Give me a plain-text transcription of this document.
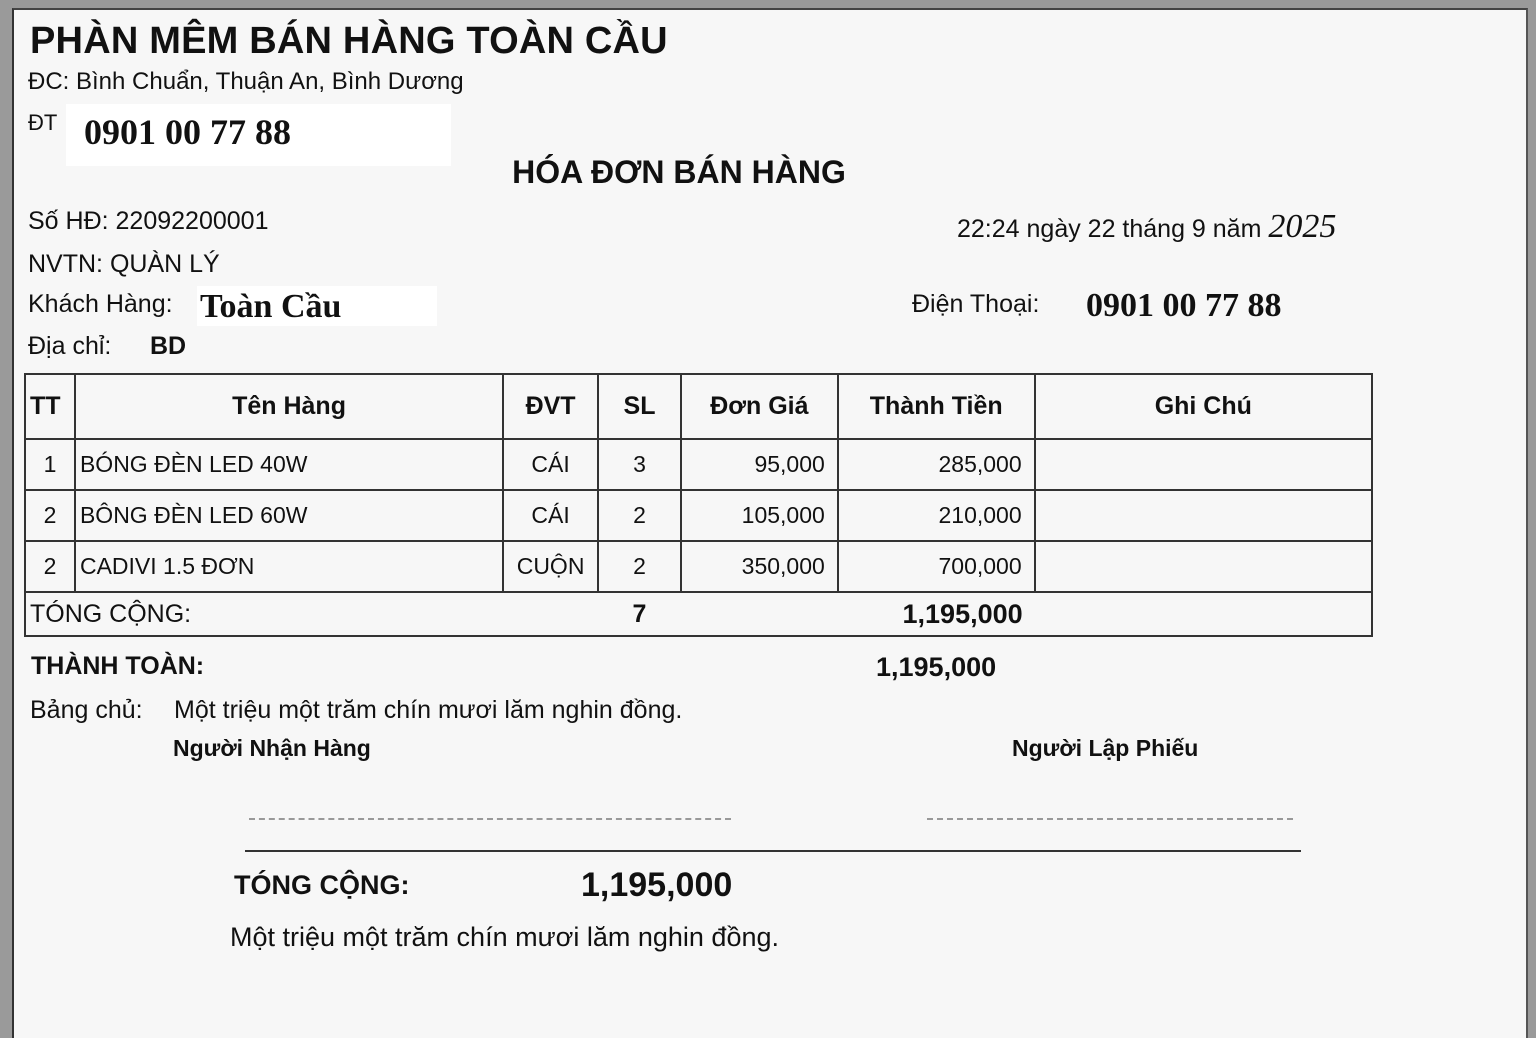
PHÀN MÊM BÁN HÀNG TOÀN CẦU
ĐC: Bình Chuẩn, Thuận An, Bình Dương
ĐT 0901 00 77 88
HÓA ĐƠN BÁN HÀNG
Số HĐ: 22092200001	22:24 ngày 22 tháng 9 năm 2025
NVTN: QUÀN LÝ
Khách Hàng: Toàn Cầu	Điện Thoại: 0901 00 77 88
Địa chỉ: BD
TT	Tên Hàng	ĐVT	SL	Đơn Giá	Thành Tiền	Ghi Chú
1	BÓNG ĐÈN LED 40W	CÁI	3	95,000	285,000	
2	BÔNG ĐÈN LED 60W	CÁI	2	105,000	210,000	
2	CADIVI 1.5 ĐƠN	CUỘN	2	350,000	700,000	
TÓNG CỘNG:			7		1,195,000	
THÀNH TOÀN:	1,195,000
Bảng chủ: Một triệu một trăm chín mươi lăm nghin đồng.
Người Nhận Hàng	Người Lập Phiếu
TÓNG CỘNG:	1,195,000
Một triệu một trăm chín mươi lăm nghin đồng.
